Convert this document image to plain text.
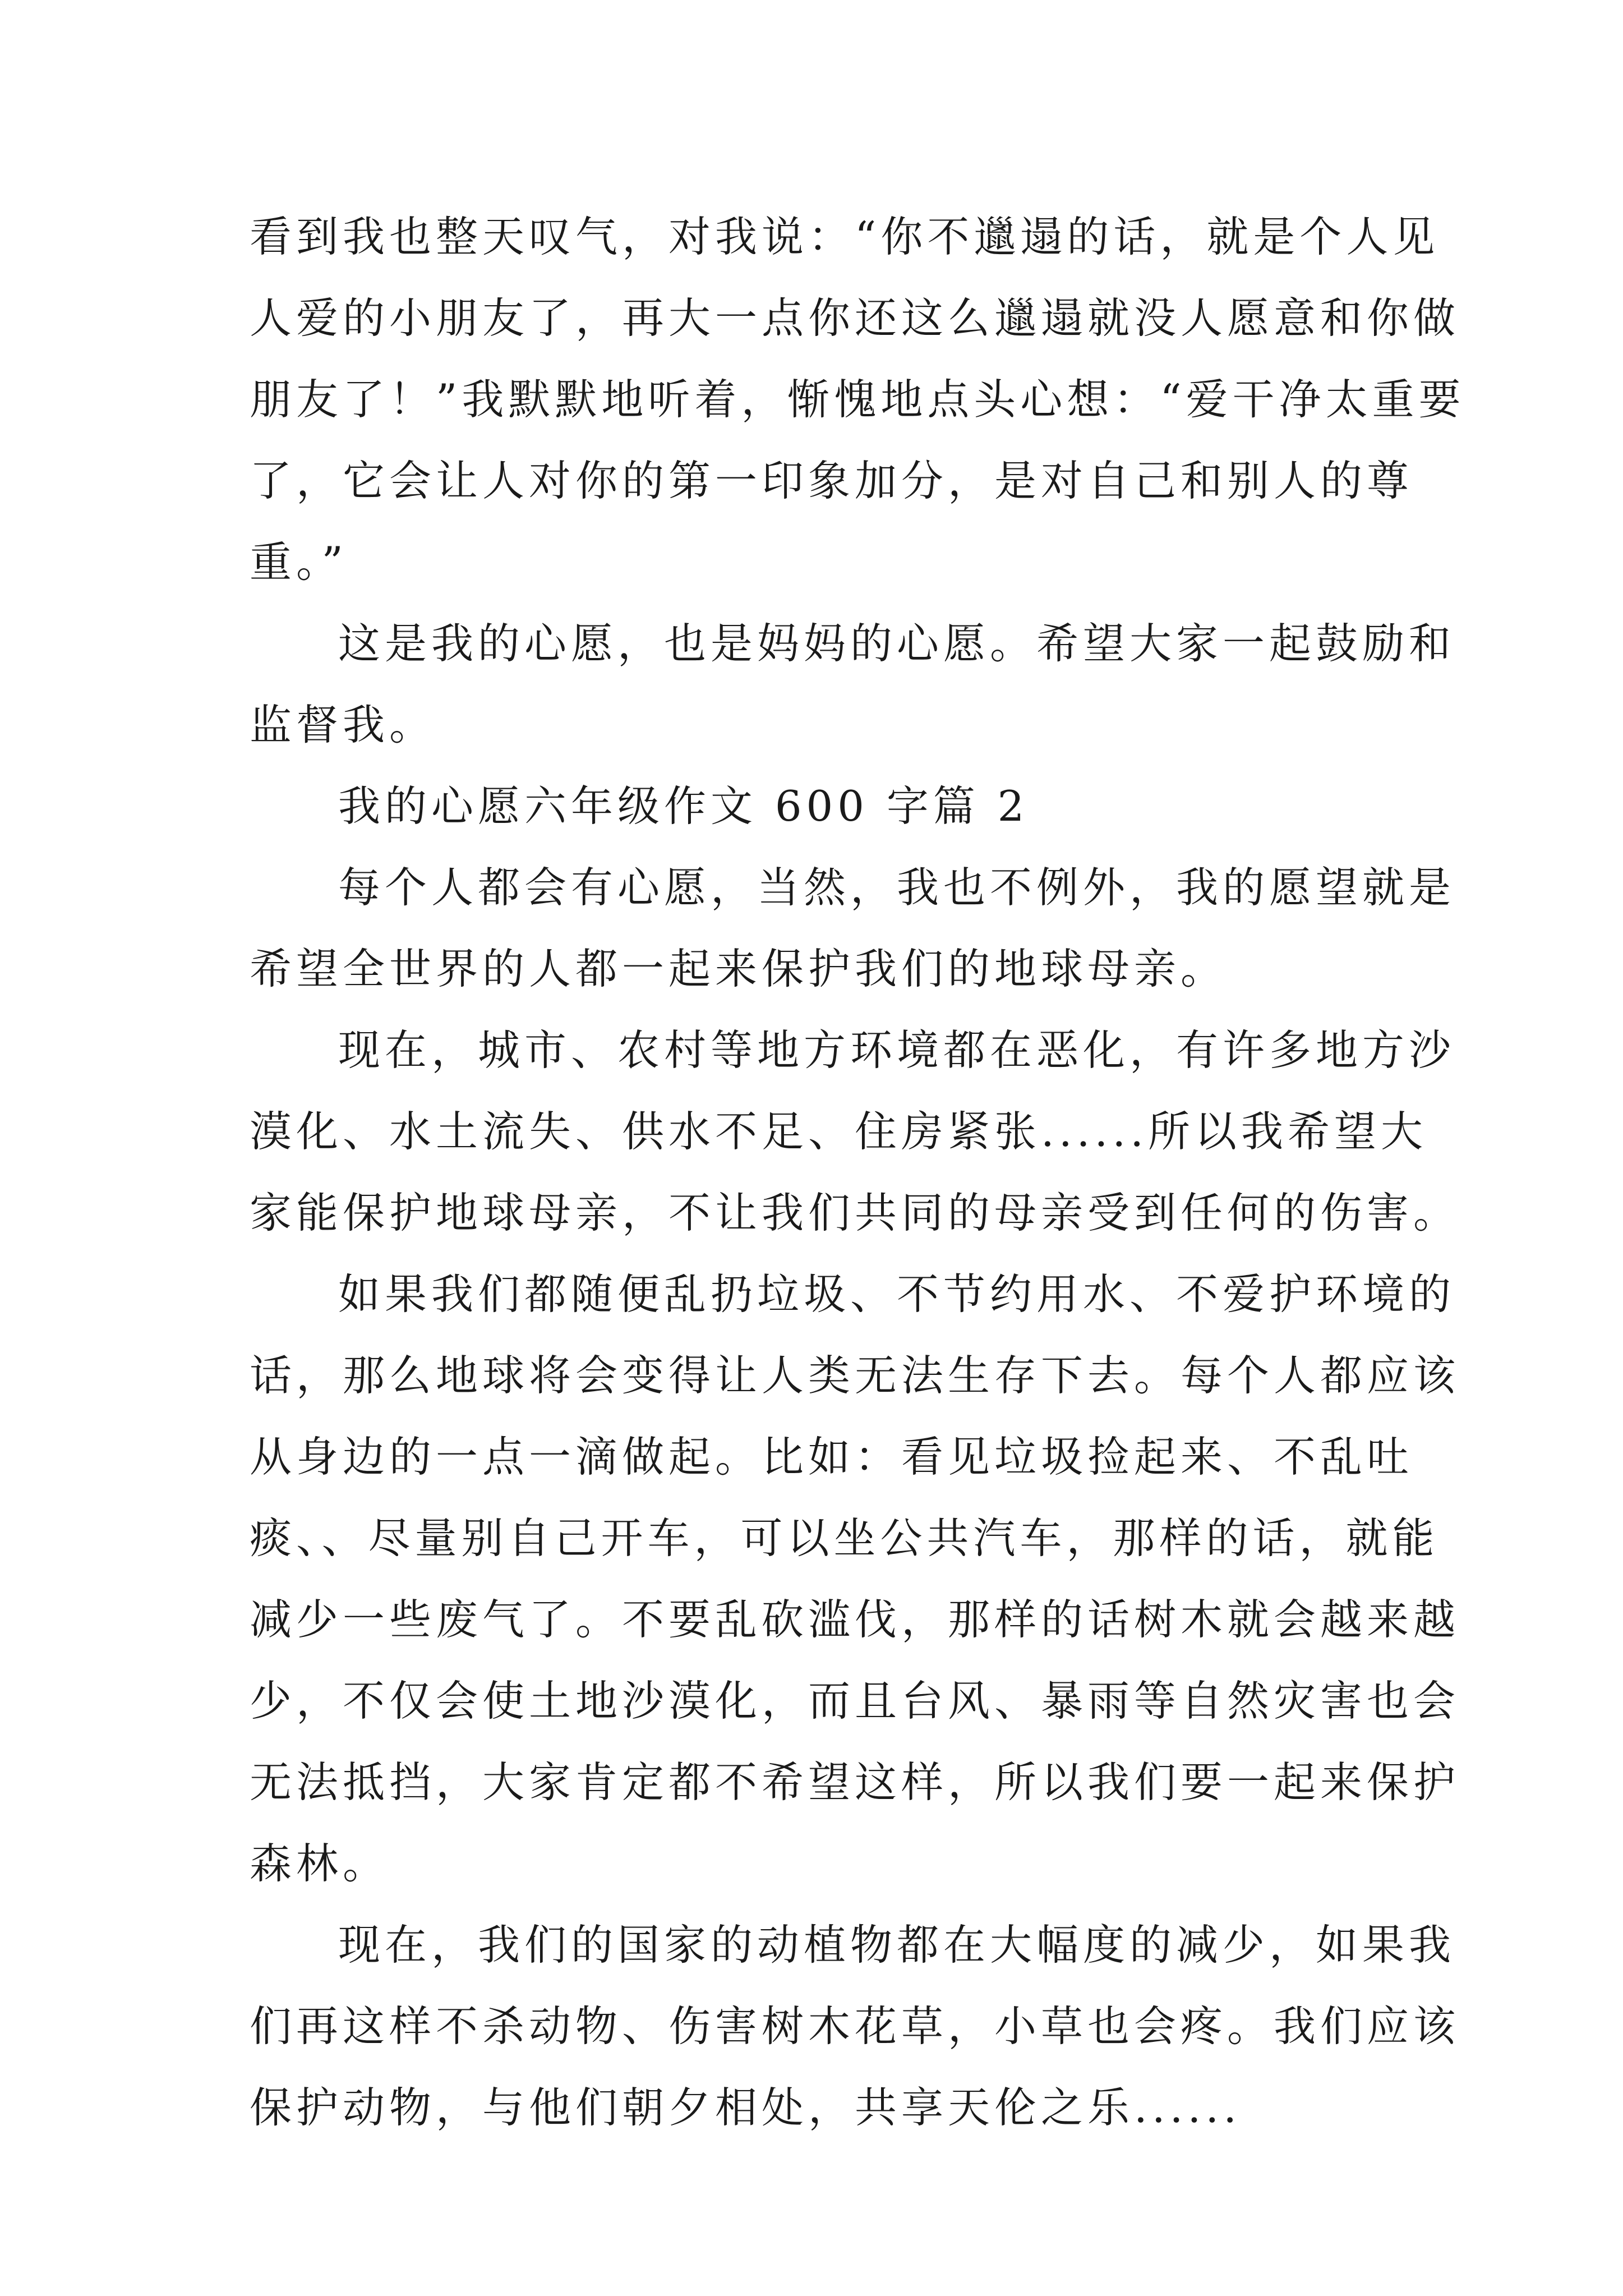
看到我也整天叹气，对我说：“你不邋遢的话，就是个人见
人爱的小朋友了，再大一点你还这么邋遢就没人愿意和你做
朋友了！”我默默地听着，惭愧地点头心想：“爱干净太重要
了，它会让人对你的第一印象加分，是对自己和别人的尊
重。”
这是我的心愿，也是妈妈的心愿。希望大家一起鼓励和
监督我。
我的心愿六年级作文 600 字篇 2
每个人都会有心愿，当然，我也不例外，我的愿望就是
希望全世界的人都一起来保护我们的地球母亲。
现在，城市、农村等地方环境都在恶化，有许多地方沙
漠化、水土流失、供水不足、住房紧张......所以我希望大
家能保护地球母亲，不让我们共同的母亲受到任何的伤害。
如果我们都随便乱扔垃圾、不节约用水、不爱护环境的
话，那么地球将会变得让人类无法生存下去。每个人都应该
从身边的一点一滴做起。比如：看见垃圾捡起来、不乱吐
痰、、尽量别自己开车，可以坐公共汽车，那样的话，就能
减少一些废气了。不要乱砍滥伐，那样的话树木就会越来越
少，不仅会使土地沙漠化，而且台风、暴雨等自然灾害也会
无法抵挡，大家肯定都不希望这样，所以我们要一起来保护
森林。
现在，我们的国家的动植物都在大幅度的减少，如果我
们再这样不杀动物、伤害树木花草，小草也会疼。我们应该
保护动物，与他们朝夕相处，共享天伦之乐......
